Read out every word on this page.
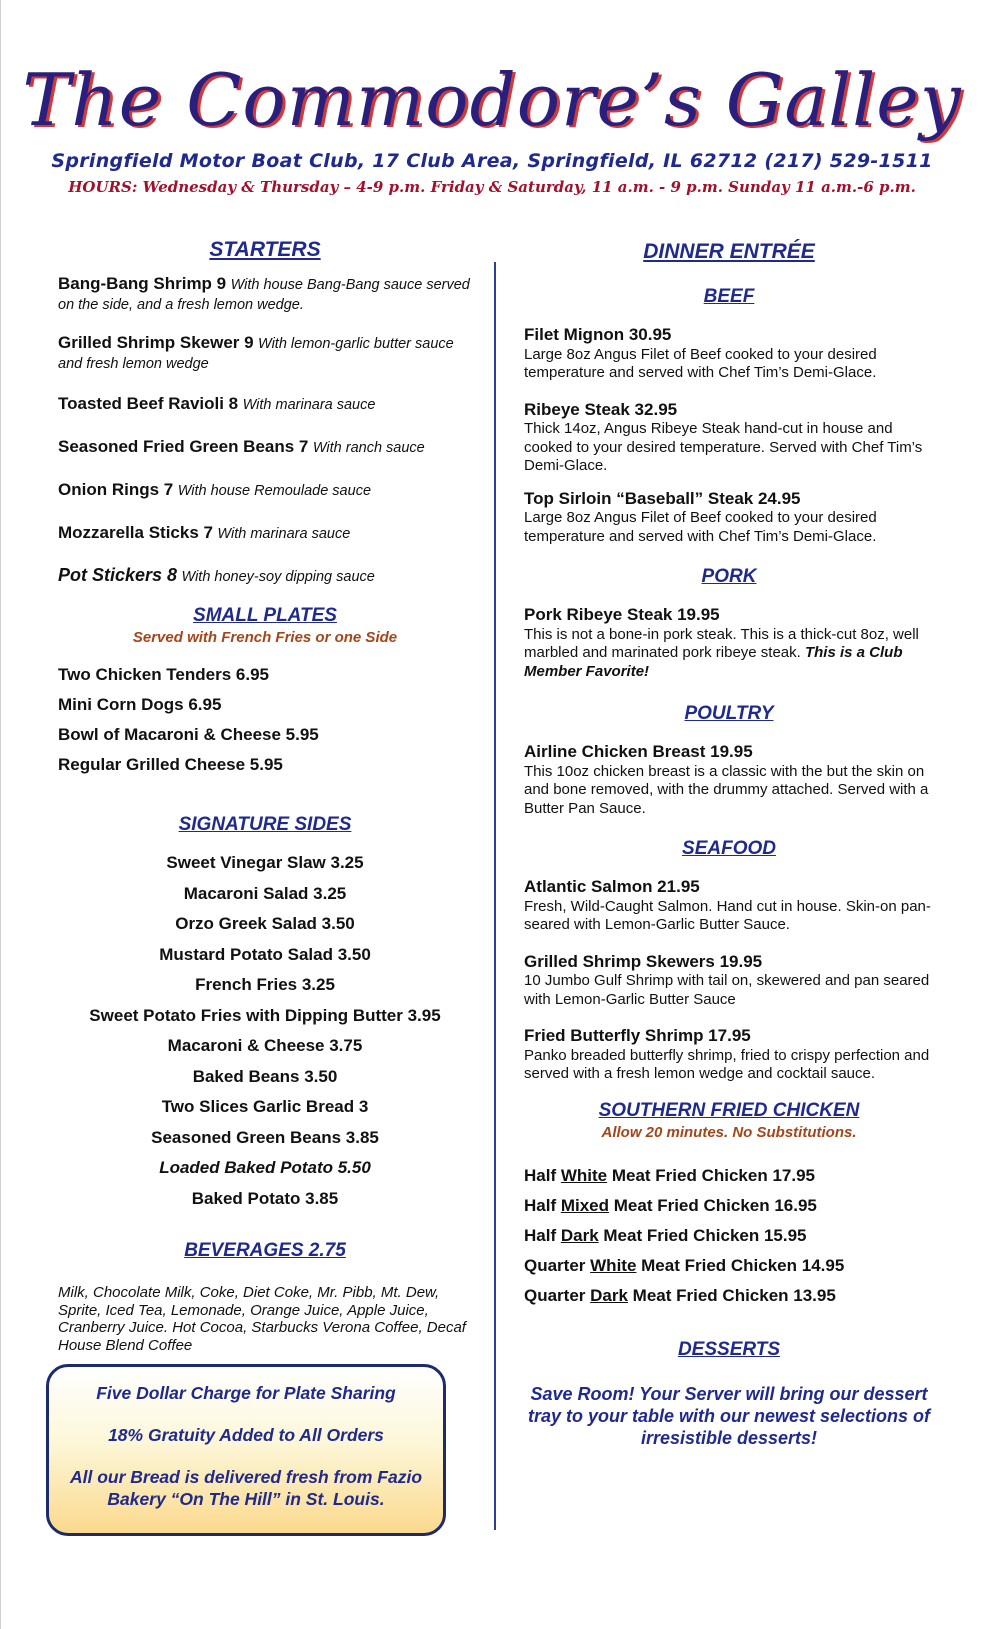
The Commodore’s Galley
Springfield Motor Boat Club, 17 Club Area, Springfield, IL 62712 (217) 529-1511
HOURS: Wednesday & Thursday – 4-9 p.m. Friday & Saturday, 11 a.m. - 9 p.m. Sunday 11 a.m.-6 p.m.
STARTERS
Bang-Bang Shrimp 9 With house Bang-Bang sauce served on the side, and a fresh lemon wedge.
Grilled Shrimp Skewer 9 With lemon-garlic butter sauce and fresh lemon wedge
Toasted Beef Ravioli 8 With marinara sauce
Seasoned Fried Green Beans 7 With ranch sauce
Onion Rings 7 With house Remoulade sauce
Mozzarella Sticks 7 With marinara sauce
Pot Stickers 8 With honey-soy dipping sauce
SMALL PLATES
Served with French Fries or one Side
Two Chicken Tenders 6.95
Mini Corn Dogs 6.95
Bowl of Macaroni & Cheese 5.95
Regular Grilled Cheese 5.95
SIGNATURE SIDES
Sweet Vinegar Slaw 3.25
Macaroni Salad 3.25
Orzo Greek Salad 3.50
Mustard Potato Salad 3.50
French Fries 3.25
Sweet Potato Fries with Dipping Butter 3.95
Macaroni & Cheese 3.75
Baked Beans 3.50
Two Slices Garlic Bread 3
Seasoned Green Beans 3.85
Loaded Baked Potato 5.50
Baked Potato 3.85
BEVERAGES 2.75
Milk, Chocolate Milk, Coke, Diet Coke, Mr. Pibb, Mt. Dew, Sprite, Iced Tea, Lemonade, Orange Juice, Apple Juice, Cranberry Juice. Hot Cocoa, Starbucks Verona Coffee, Decaf House Blend Coffee
Five Dollar Charge for Plate Sharing
18% Gratuity Added to All Orders
All our Bread is delivered fresh from Fazio
Bakery “On The Hill” in St. Louis.
DINNER ENTRÉE
BEEF
Filet Mignon 30.95
Large 8oz Angus Filet of Beef cooked to your desired temperature and served with Chef Tim’s Demi-Glace.
Ribeye Steak 32.95
Thick 14oz, Angus Ribeye Steak hand-cut in house and cooked to your desired temperature. Served with Chef Tim’s Demi-Glace.
Top Sirloin “Baseball” Steak 24.95
Large 8oz Angus Filet of Beef cooked to your desired temperature and served with Chef Tim’s Demi-Glace.
PORK
Pork Ribeye Steak 19.95
This is not a bone-in pork steak. This is a thick-cut 8oz, well marbled and marinated pork ribeye steak. This is a Club Member Favorite!
POULTRY
Airline Chicken Breast 19.95
This 10oz chicken breast is a classic with the but the skin on and bone removed, with the drummy attached. Served with a Butter Pan Sauce.
SEAFOOD
Atlantic Salmon 21.95
Fresh, Wild-Caught Salmon. Hand cut in house. Skin-on pan-seared with Lemon-Garlic Butter Sauce.
Grilled Shrimp Skewers 19.95
10 Jumbo Gulf Shrimp with tail on, skewered and pan seared with Lemon-Garlic Butter Sauce
Fried Butterfly Shrimp 17.95
Panko breaded butterfly shrimp, fried to crispy perfection and served with a fresh lemon wedge and cocktail sauce.
SOUTHERN FRIED CHICKEN
Allow 20 minutes. No Substitutions.
Half White Meat Fried Chicken 17.95
Half Mixed Meat Fried Chicken 16.95
Half Dark Meat Fried Chicken 15.95
Quarter White Meat Fried Chicken 14.95
Quarter Dark Meat Fried Chicken 13.95
DESSERTS
Save Room! Your Server will bring our dessert tray to your table with our newest selections of irresistible desserts!
